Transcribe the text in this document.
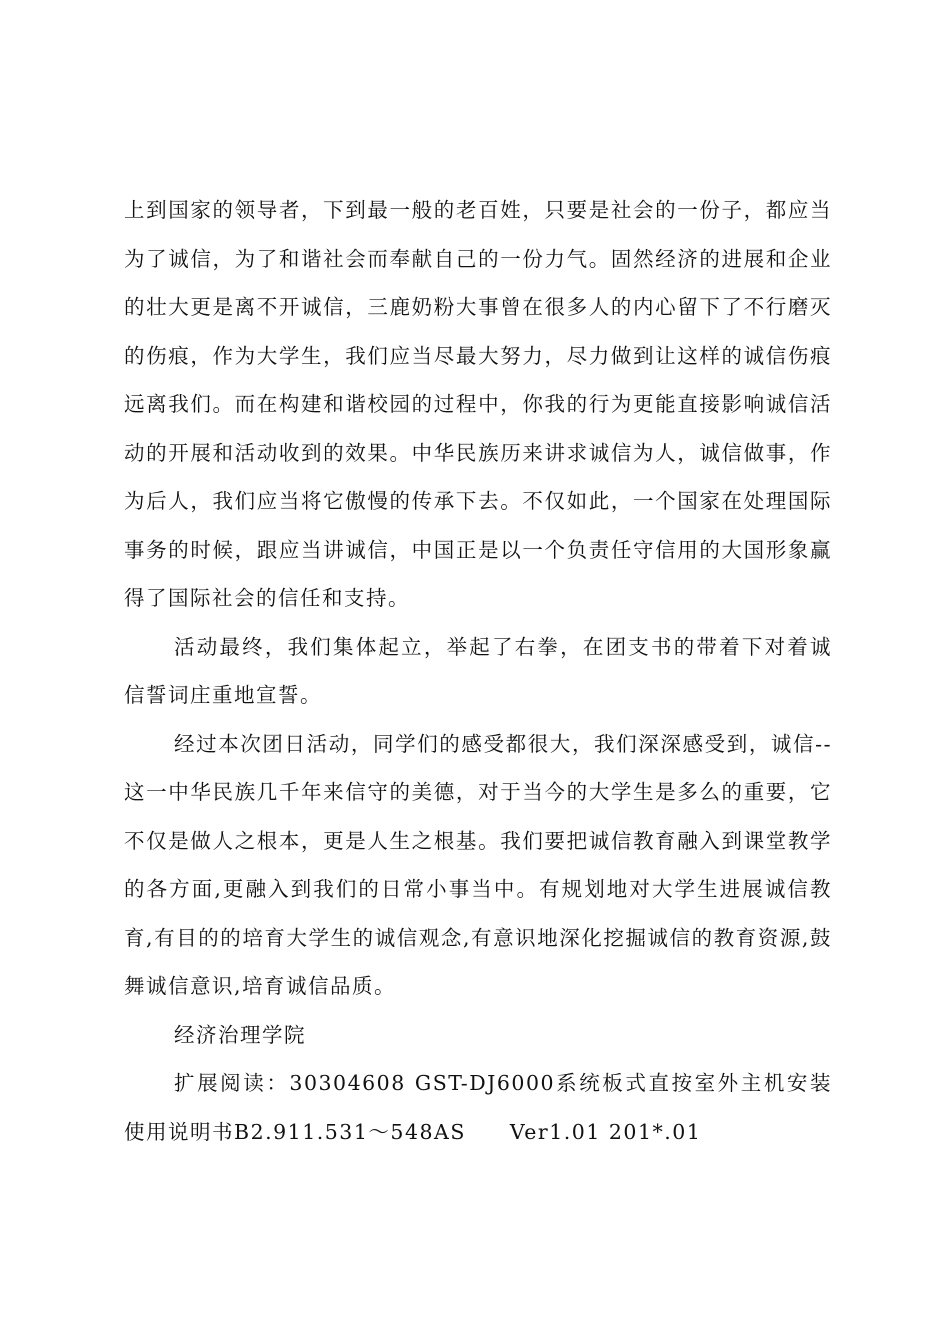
上到国家的领导者，下到最一般的老百姓，只要是社会的一份子，都应当为了诚信，为了和谐社会而奉献自己的一份力气。固然经济的进展和企业的壮大更是离不开诚信，三鹿奶粉大事曾在很多人的内心留下了不行磨灭的伤痕，作为大学生，我们应当尽最大努力，尽力做到让这样的诚信伤痕远离我们。而在构建和谐校园的过程中，你我的行为更能直接影响诚信活动的开展和活动收到的效果。中华民族历来讲求诚信为人，诚信做事，作为后人，我们应当将它傲慢的传承下去。不仅如此，一个国家在处理国际事务的时候，跟应当讲诚信，中国正是以一个负责任守信用的大国形象赢得了国际社会的信任和支持。

活动最终，我们集体起立，举起了右拳，在团支书的带着下对着诚信誓词庄重地宣誓。

经过本次团日活动，同学们的感受都很大，我们深深感受到，诚信--这一中华民族几千年来信守的美德，对于当今的大学生是多么的重要，它不仅是做人之根本，更是人生之根基。我们要把诚信教育融入到课堂教学的各方面,更融入到我们的日常小事当中。有规划地对大学生进展诚信教育,有目的的培育大学生的诚信观念,有意识地深化挖掘诚信的教育资源,鼓舞诚信意识,培育诚信品质。

经济治理学院

扩展阅读：30304608 GST-DJ6000系统板式直按室外主机安装使用说明书B2.911.531～548AS　　Ver1.01 201*.01
